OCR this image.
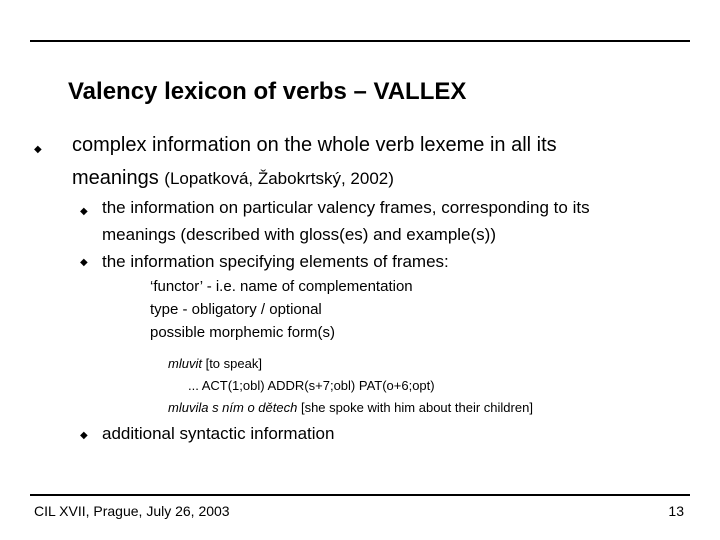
Valency lexicon of verbs – VALLEX
◆ complex information on the whole verb lexeme in all its
meanings (Lopatková, Žabokrtský, 2002)
◆ the information on particular valency frames, corresponding to its
meanings (described with gloss(es) and example(s))
◆ the information specifying elements of frames:
‘functor’ - i.e. name of complementation
type - obligatory / optional
possible morphemic form(s)
mluvit [to speak]
... ACT(1;obl) ADDR(s+7;obl) PAT(o+6;opt)
mluvila s ním o dětech [she spoke with him about their children]
◆ additional syntactic information
CIL XVII, Prague, July 26, 2003	13
